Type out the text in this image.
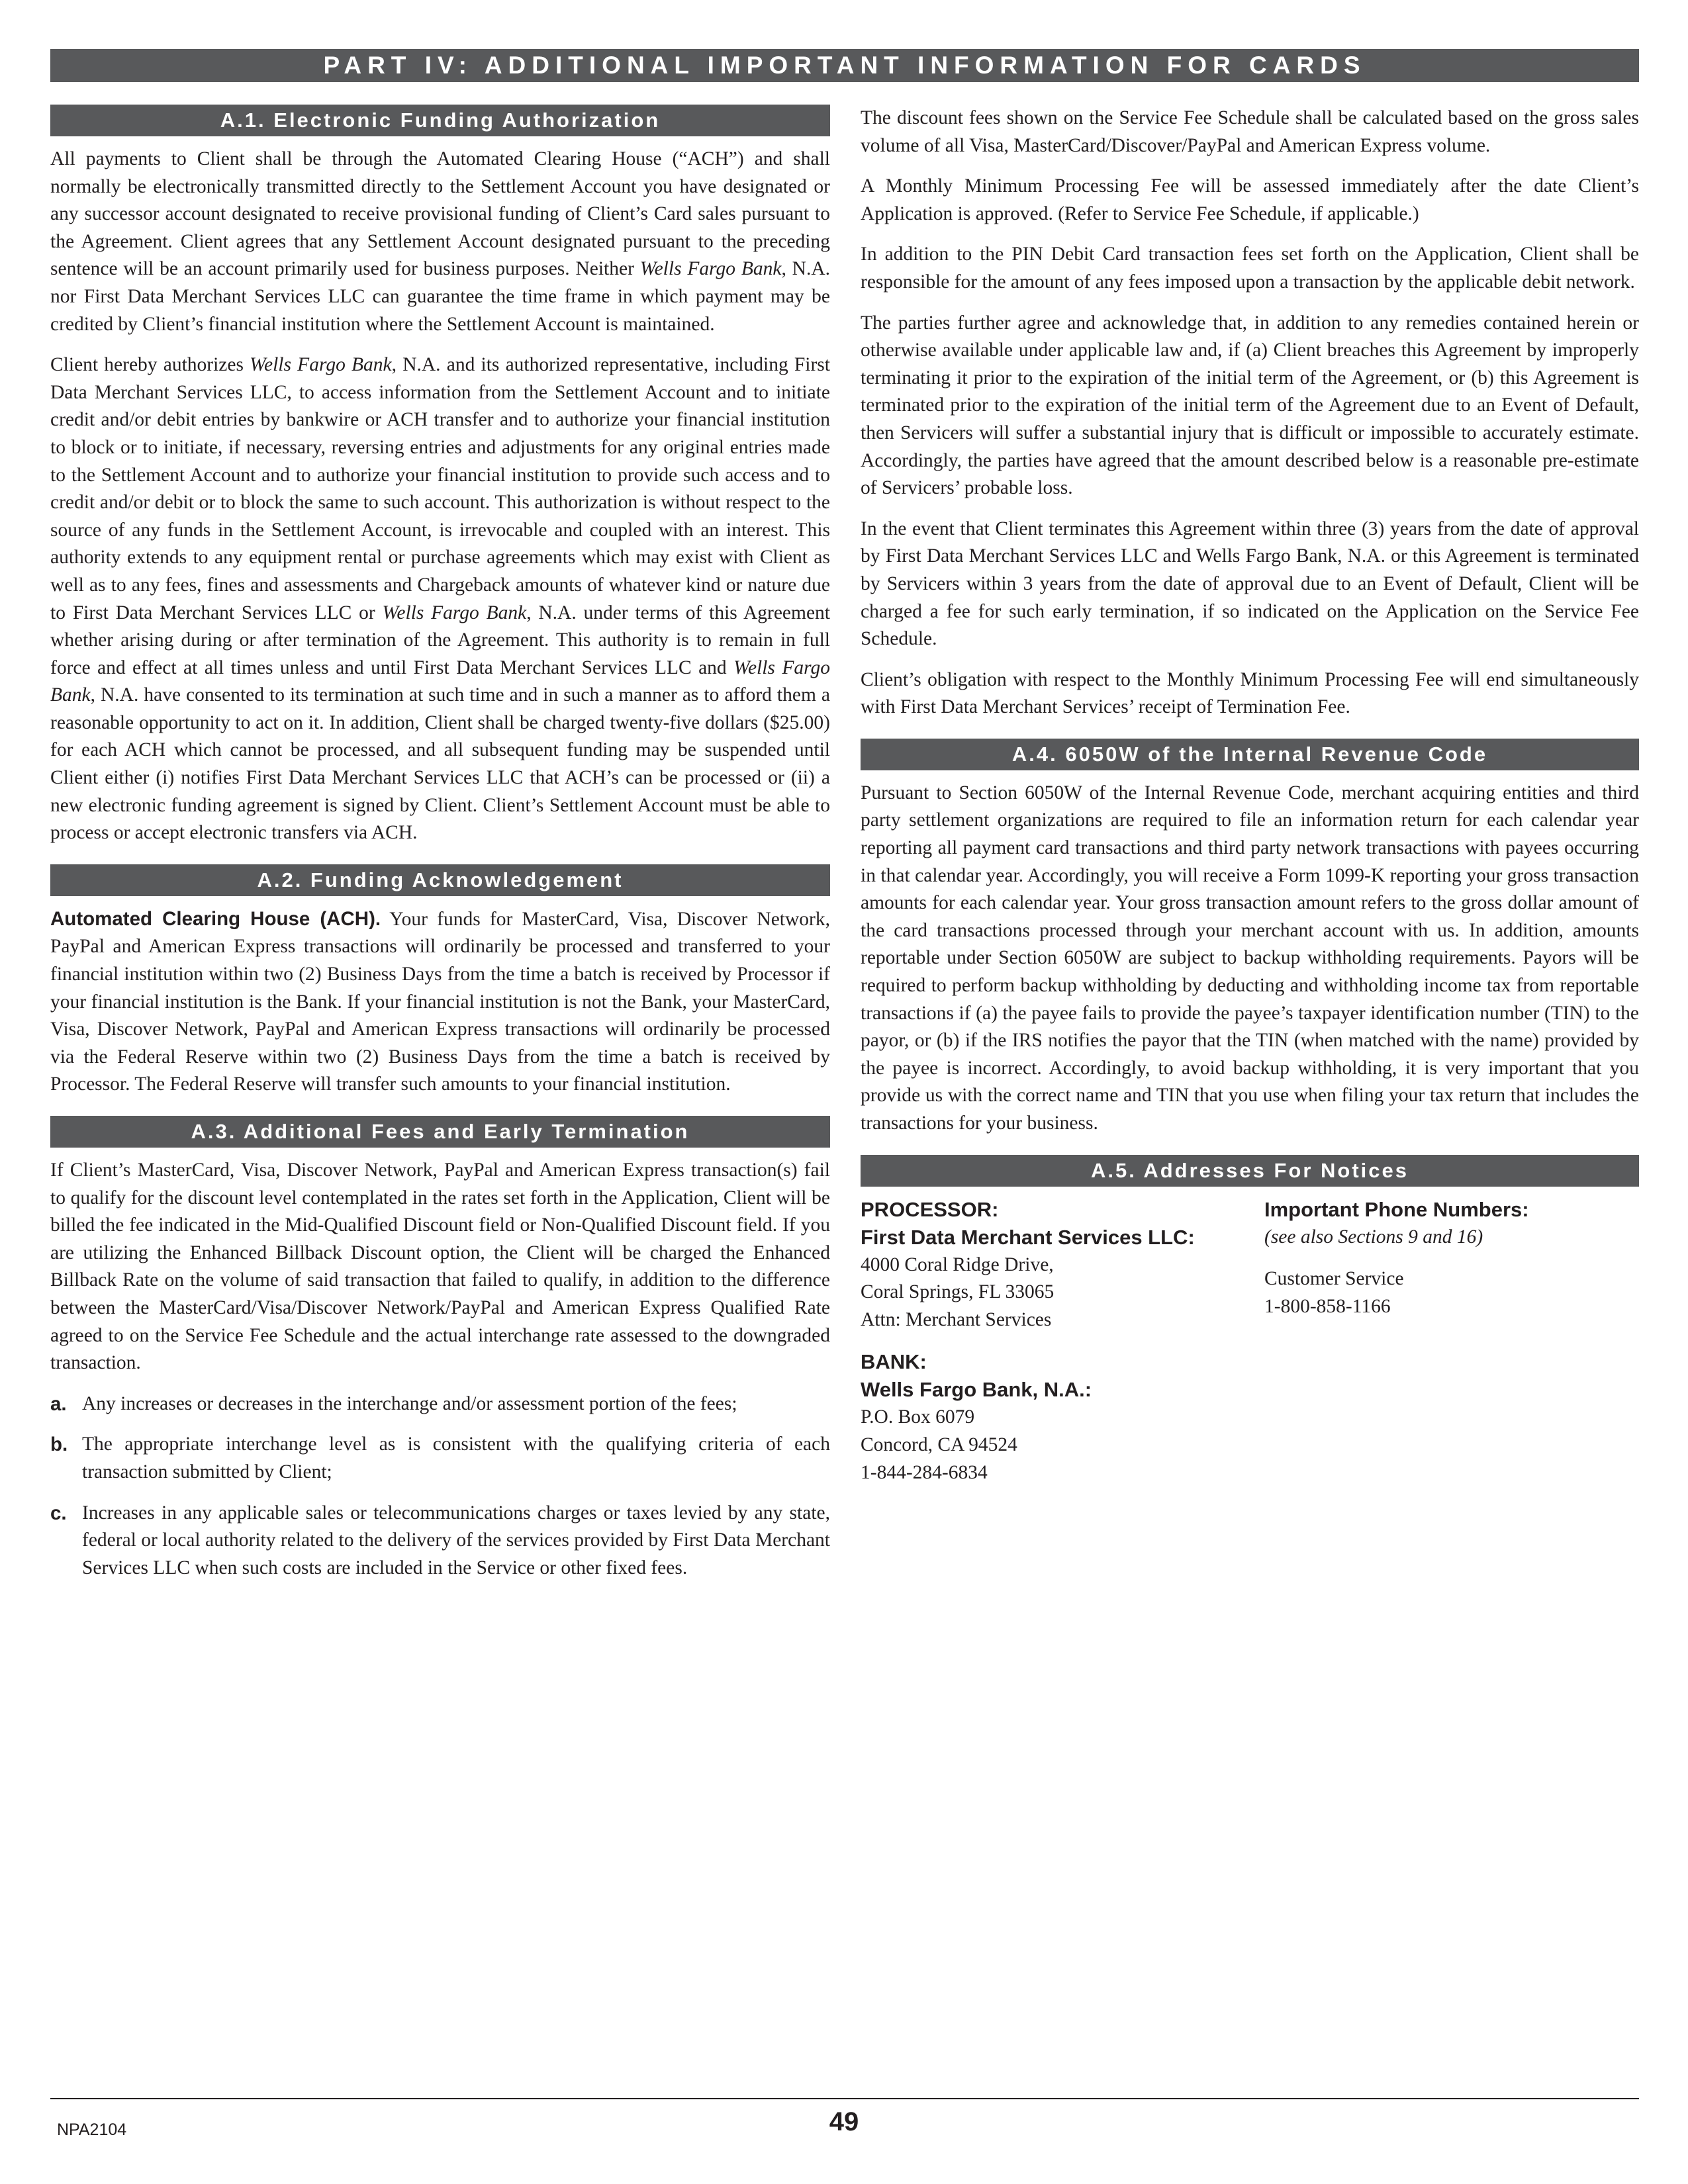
PART IV: ADDITIONAL IMPORTANT INFORMATION FOR CARDS
A.1. Electronic Funding Authorization

All payments to Client shall be through the Automated Clearing House (“ACH”) and shall normally be electronically transmitted directly to the Settlement Account you have designated or any successor account designated to receive provisional funding of Client’s Card sales pursuant to the Agreement. Client agrees that any Settlement Account designated pursuant to the preceding sentence will be an account primarily used for business purposes. Neither Wells Fargo Bank, N.A. nor First Data Merchant Services LLC can guarantee the time frame in which payment may be credited by Client’s financial institution where the Settlement Account is maintained.

Client hereby authorizes Wells Fargo Bank, N.A. and its authorized representative, including First Data Merchant Services LLC, to access information from the Settlement Account and to initiate credit and/or debit entries by bankwire or ACH transfer and to authorize your financial institution to block or to initiate, if necessary, reversing entries and adjustments for any original entries made to the Settlement Account and to authorize your financial institution to provide such access and to credit and/or debit or to block the same to such account. This authorization is without respect to the source of any funds in the Settlement Account, is irrevocable and coupled with an interest. This authority extends to any equipment rental or purchase agreements which may exist with Client as well as to any fees, fines and assessments and Chargeback amounts of whatever kind or nature due to First Data Merchant Services LLC or Wells Fargo Bank, N.A. under terms of this Agreement whether arising during or after termination of the Agreement. This authority is to remain in full force and effect at all times unless and until First Data Merchant Services LLC and Wells Fargo Bank, N.A. have consented to its termination at such time and in such a manner as to afford them a reasonable opportunity to act on it. In addition, Client shall be charged twenty-five dollars ($25.00) for each ACH which cannot be processed, and all subsequent funding may be suspended until Client either (i) notifies First Data Merchant Services LLC that ACH’s can be processed or (ii) a new electronic funding agreement is signed by Client. Client’s Settlement Account must be able to process or accept electronic transfers via ACH.

A.2. Funding Acknowledgement

Automated Clearing House (ACH). Your funds for MasterCard, Visa, Discover Network, PayPal and American Express transactions will ordinarily be processed and transferred to your financial institution within two (2) Business Days from the time a batch is received by Processor if your financial institution is the Bank. If your financial institution is not the Bank, your MasterCard, Visa, Discover Network, PayPal and American Express transactions will ordinarily be processed via the Federal Reserve within two (2) Business Days from the time a batch is received by Processor. The Federal Reserve will transfer such amounts to your financial institution.

A.3. Additional Fees and Early Termination

If Client’s MasterCard, Visa, Discover Network, PayPal and American Express transaction(s) fail to qualify for the discount level contemplated in the rates set forth in the Application, Client will be billed the fee indicated in the Mid-Qualified Discount field or Non-Qualified Discount field. If you are utilizing the Enhanced Billback Discount option, the Client will be charged the Enhanced Billback Rate on the volume of said transaction that failed to qualify, in addition to the difference between the MasterCard/Visa/Discover Network/PayPal and American Express Qualified Rate agreed to on the Service Fee Schedule and the actual interchange rate assessed to the downgraded transaction.

a. Any increases or decreases in the interchange and/or assessment portion of the fees;
b. The appropriate interchange level as is consistent with the qualifying criteria of each transaction submitted by Client;
c. Increases in any applicable sales or telecommunications charges or taxes levied by any state, federal or local authority related to the delivery of the services provided by First Data Merchant Services LLC when such costs are included in the Service or other fixed fees.

The discount fees shown on the Service Fee Schedule shall be calculated based on the gross sales volume of all Visa, MasterCard/Discover/PayPal and American Express volume.

A Monthly Minimum Processing Fee will be assessed immediately after the date Client’s Application is approved. (Refer to Service Fee Schedule, if applicable.)

In addition to the PIN Debit Card transaction fees set forth on the Application, Client shall be responsible for the amount of any fees imposed upon a transaction by the applicable debit network.

The parties further agree and acknowledge that, in addition to any remedies contained herein or otherwise available under applicable law and, if (a) Client breaches this Agreement by improperly terminating it prior to the expiration of the initial term of the Agreement, or (b) this Agreement is terminated prior to the expiration of the initial term of the Agreement due to an Event of Default, then Servicers will suffer a substantial injury that is difficult or impossible to accurately estimate. Accordingly, the parties have agreed that the amount described below is a reasonable pre-estimate of Servicers’ probable loss.

In the event that Client terminates this Agreement within three (3) years from the date of approval by First Data Merchant Services LLC and Wells Fargo Bank, N.A. or this Agreement is terminated by Servicers within 3 years from the date of approval due to an Event of Default, Client will be charged a fee for such early termination, if so indicated on the Application on the Service Fee Schedule.

Client’s obligation with respect to the Monthly Minimum Processing Fee will end simultaneously with First Data Merchant Services’ receipt of Termination Fee.

A.4. 6050W of the Internal Revenue Code

Pursuant to Section 6050W of the Internal Revenue Code, merchant acquiring entities and third party settlement organizations are required to file an information return for each calendar year reporting all payment card transactions and third party network transactions with payees occurring in that calendar year. Accordingly, you will receive a Form 1099-K reporting your gross transaction amounts for each calendar year. Your gross transaction amount refers to the gross dollar amount of the card transactions processed through your merchant account with us. In addition, amounts reportable under Section 6050W are subject to backup withholding requirements. Payors will be required to perform backup withholding by deducting and withholding income tax from reportable transactions if (a) the payee fails to provide the payee’s taxpayer identification number (TIN) to the payor, or (b) if the IRS notifies the payor that the TIN (when matched with the name) provided by the payee is incorrect. Accordingly, to avoid backup withholding, it is very important that you provide us with the correct name and TIN that you use when filing your tax return that includes the transactions for your business.

A.5. Addresses For Notices
PROCESSOR:
First Data Merchant Services LLC:
4000 Coral Ridge Drive,
Coral Springs, FL 33065
Attn: Merchant Services
BANK:
Wells Fargo Bank, N.A.:
P.O. Box 6079
Concord, CA 94524
1-844-284-6834
Important Phone Numbers:
(see also Sections 9 and 16)
Customer Service
1-800-858-1166
NPA2104	49
